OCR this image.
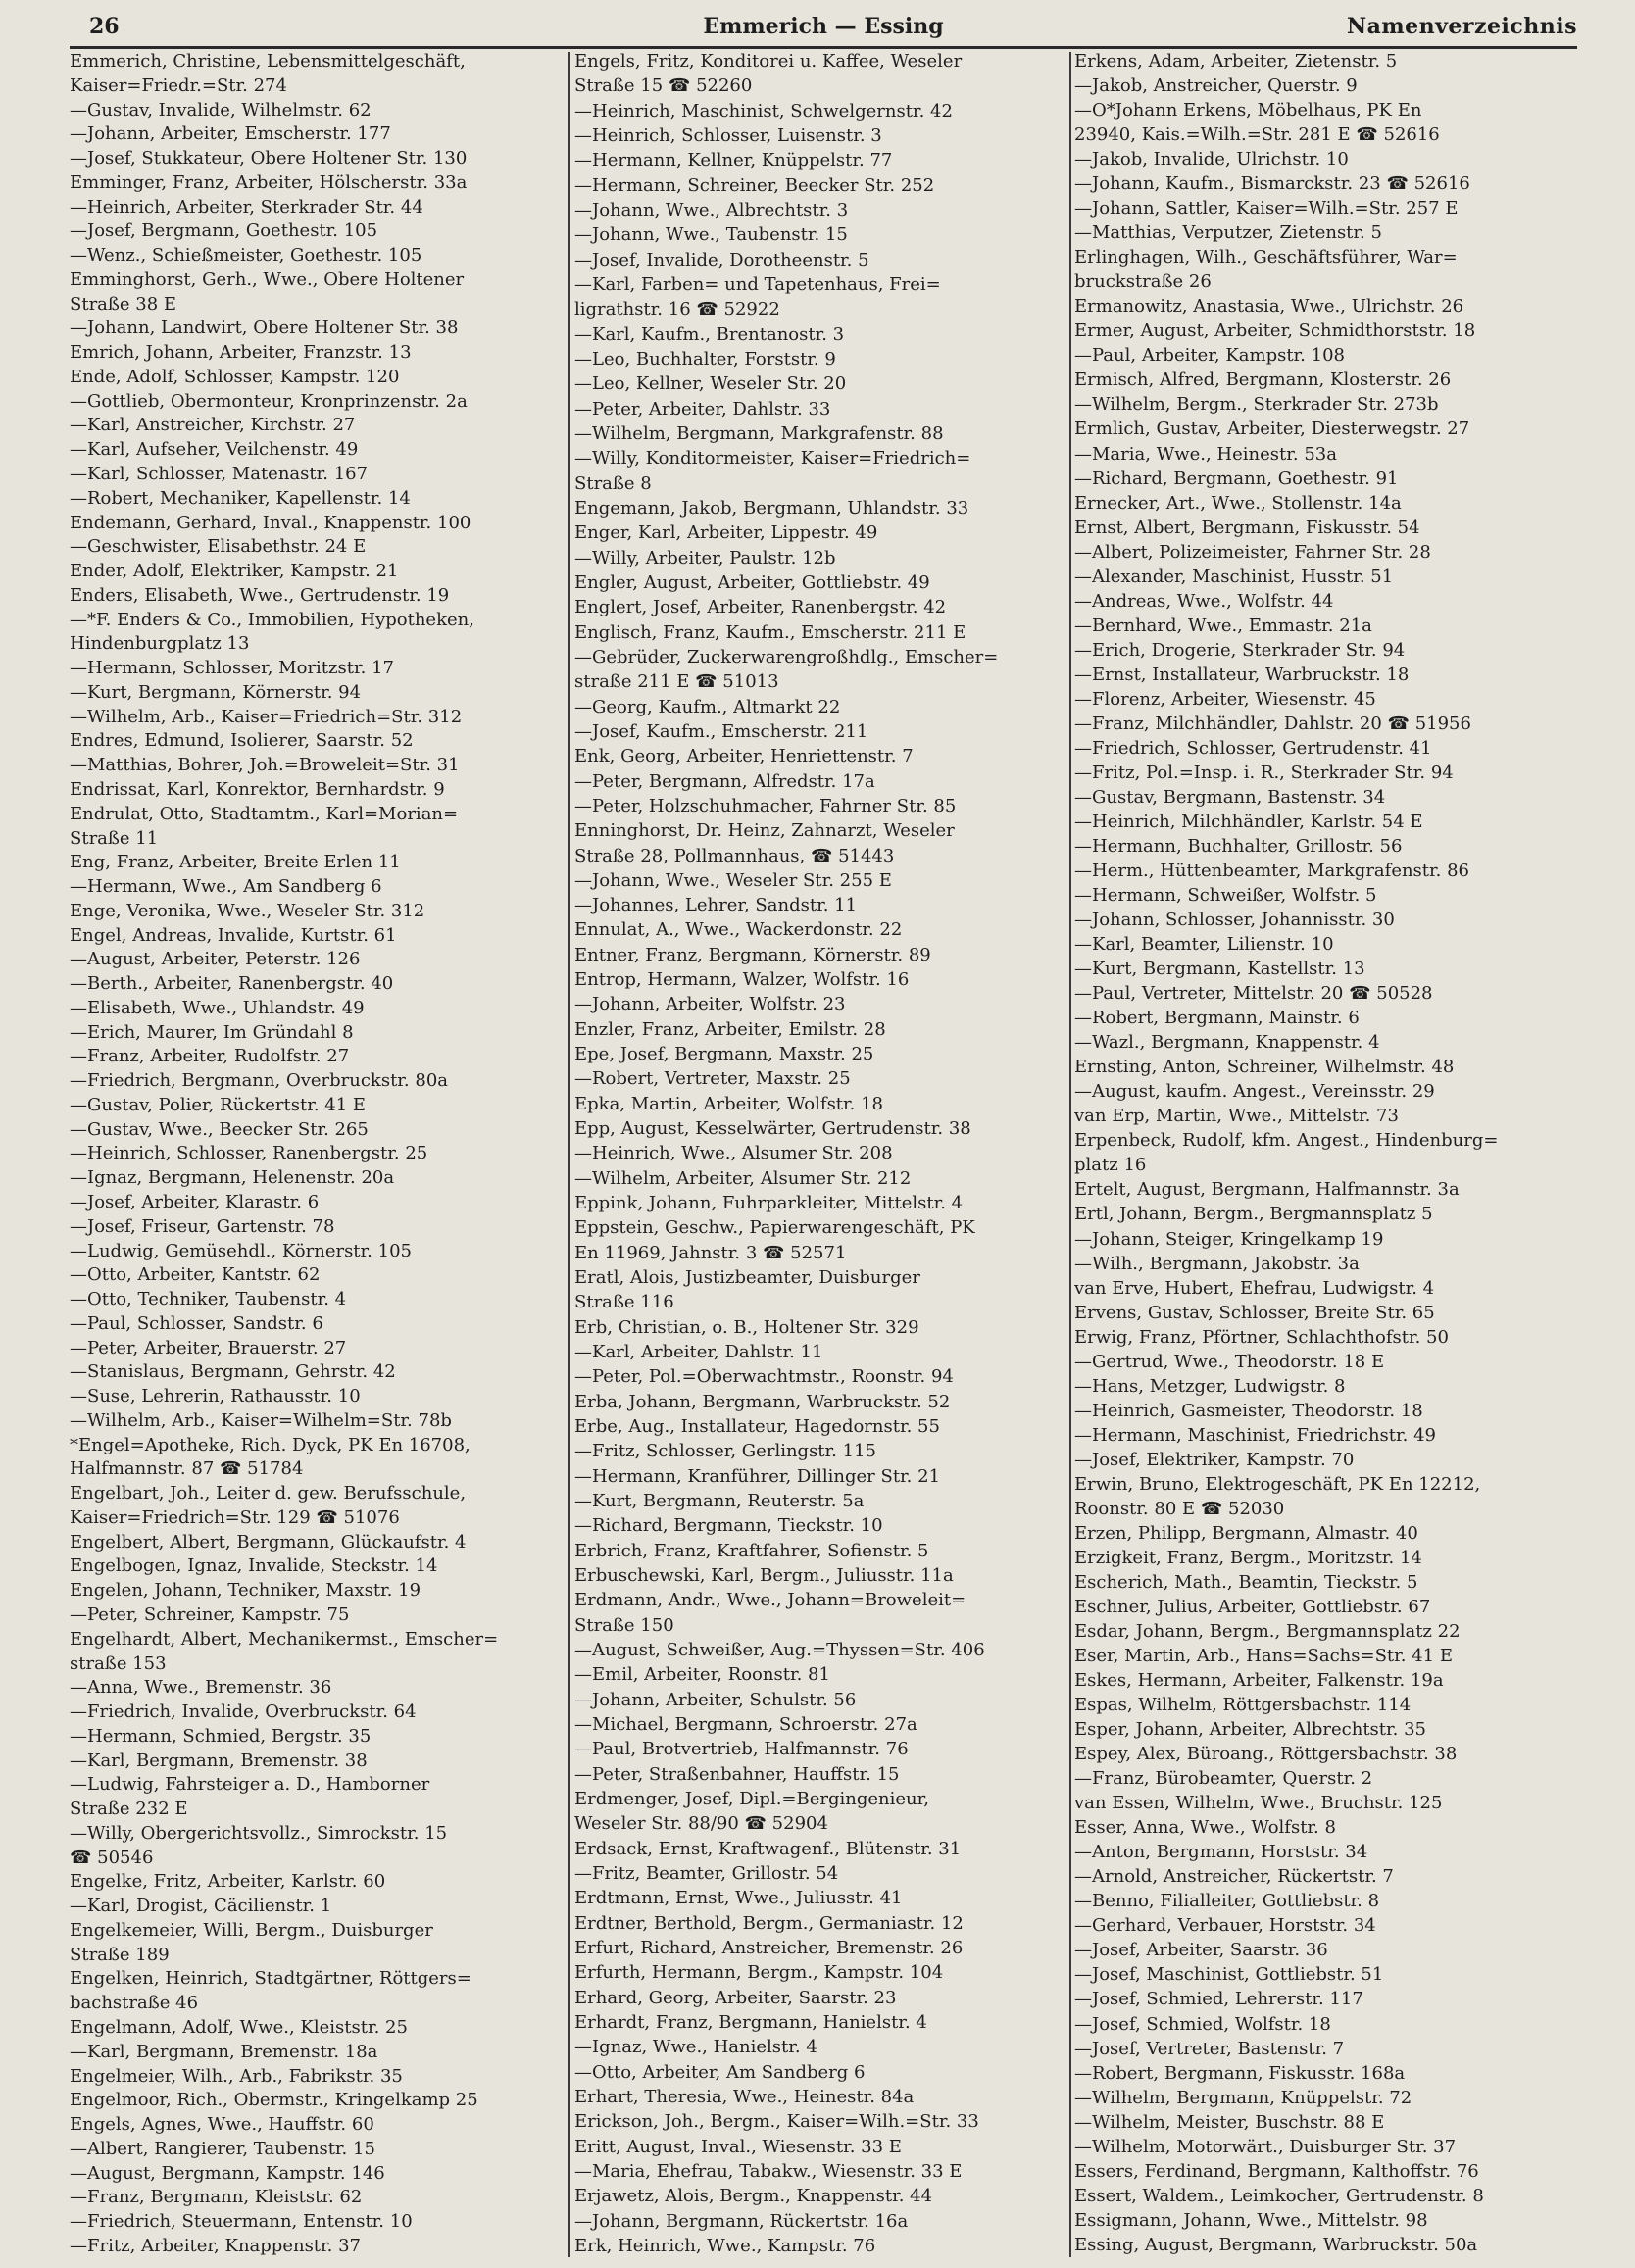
26	Emmerich — Essing	Namenverzeichnis
Emmerich, Christine, Lebensmittelgeschäft,
Kaiser=Friedr.=Str. 274
—Gustav, Invalide, Wilhelmstr. 62
—Johann, Arbeiter, Emscherstr. 177
—Josef, Stukkateur, Obere Holtener Str. 130
Emminger, Franz, Arbeiter, Hölscherstr. 33a
—Heinrich, Arbeiter, Sterkrader Str. 44
—Josef, Bergmann, Goethestr. 105
—Wenz., Schießmeister, Goethestr. 105
Emminghorst, Gerh., Wwe., Obere Holtener
Straße 38 E
—Johann, Landwirt, Obere Holtener Str. 38
Emrich, Johann, Arbeiter, Franzstr. 13
Ende, Adolf, Schlosser, Kampstr. 120
—Gottlieb, Obermonteur, Kronprinzenstr. 2a
—Karl, Anstreicher, Kirchstr. 27
—Karl, Aufseher, Veilchenstr. 49
—Karl, Schlosser, Matenastr. 167
—Robert, Mechaniker, Kapellenstr. 14
Endemann, Gerhard, Inval., Knappenstr. 100
—Geschwister, Elisabethstr. 24 E
Ender, Adolf, Elektriker, Kampstr. 21
Enders, Elisabeth, Wwe., Gertrudenstr. 19
—*F. Enders & Co., Immobilien, Hypotheken,
Hindenburgplatz 13
—Hermann, Schlosser, Moritzstr. 17
—Kurt, Bergmann, Körnerstr. 94
—Wilhelm, Arb., Kaiser=Friedrich=Str. 312
Endres, Edmund, Isolierer, Saarstr. 52
—Matthias, Bohrer, Joh.=Broweleit=Str. 31
Endrissat, Karl, Konrektor, Bernhardstr. 9
Endrulat, Otto, Stadtamtm., Karl=Morian=
Straße 11
Eng, Franz, Arbeiter, Breite Erlen 11
—Hermann, Wwe., Am Sandberg 6
Enge, Veronika, Wwe., Weseler Str. 312
Engel, Andreas, Invalide, Kurtstr. 61
—August, Arbeiter, Peterstr. 126
—Berth., Arbeiter, Ranenbergstr. 40
—Elisabeth, Wwe., Uhlandstr. 49
—Erich, Maurer, Im Gründahl 8
—Franz, Arbeiter, Rudolfstr. 27
—Friedrich, Bergmann, Overbruckstr. 80a
—Gustav, Polier, Rückertstr. 41 E
—Gustav, Wwe., Beecker Str. 265
—Heinrich, Schlosser, Ranenbergstr. 25
—Ignaz, Bergmann, Helenenstr. 20a
—Josef, Arbeiter, Klarastr. 6
—Josef, Friseur, Gartenstr. 78
—Ludwig, Gemüsehdl., Körnerstr. 105
—Otto, Arbeiter, Kantstr. 62
—Otto, Techniker, Taubenstr. 4
—Paul, Schlosser, Sandstr. 6
—Peter, Arbeiter, Brauerstr. 27
—Stanislaus, Bergmann, Gehrstr. 42
—Suse, Lehrerin, Rathausstr. 10
—Wilhelm, Arb., Kaiser=Wilhelm=Str. 78b
*Engel=Apotheke, Rich. Dyck, PK En 16708,
Halfmannstr. 87 ☎ 51784
Engelbart, Joh., Leiter d. gew. Berufsschule,
Kaiser=Friedrich=Str. 129 ☎ 51076
Engelbert, Albert, Bergmann, Glückaufstr. 4
Engelbogen, Ignaz, Invalide, Steckstr. 14
Engelen, Johann, Techniker, Maxstr. 19
—Peter, Schreiner, Kampstr. 75
Engelhardt, Albert, Mechanikermst., Emscher=
straße 153
—Anna, Wwe., Bremenstr. 36
—Friedrich, Invalide, Overbruckstr. 64
—Hermann, Schmied, Bergstr. 35
—Karl, Bergmann, Bremenstr. 38
—Ludwig, Fahrsteiger a. D., Hamborner
Straße 232 E
—Willy, Obergerichtsvollz., Simrockstr. 15
☎ 50546
Engelke, Fritz, Arbeiter, Karlstr. 60
—Karl, Drogist, Cäcilienstr. 1
Engelkemeier, Willi, Bergm., Duisburger
Straße 189
Engelken, Heinrich, Stadtgärtner, Röttgers=
bachstraße 46
Engelmann, Adolf, Wwe., Kleiststr. 25
—Karl, Bergmann, Bremenstr. 18a
Engelmeier, Wilh., Arb., Fabrikstr. 35
Engelmoor, Rich., Obermstr., Kringelkamp 25
Engels, Agnes, Wwe., Hauffstr. 60
—Albert, Rangierer, Taubenstr. 15
—August, Bergmann, Kampstr. 146
—Franz, Bergmann, Kleiststr. 62
—Friedrich, Steuermann, Entenstr. 10
—Fritz, Arbeiter, Knappenstr. 37
Engels, Fritz, Konditorei u. Kaffee, Weseler
Straße 15 ☎ 52260
—Heinrich, Maschinist, Schwelgernstr. 42
—Heinrich, Schlosser, Luisenstr. 3
—Hermann, Kellner, Knüppelstr. 77
—Hermann, Schreiner, Beecker Str. 252
—Johann, Wwe., Albrechtstr. 3
—Johann, Wwe., Taubenstr. 15
—Josef, Invalide, Dorotheenstr. 5
—Karl, Farben= und Tapetenhaus, Frei=
ligrathstr. 16 ☎ 52922
—Karl, Kaufm., Brentanostr. 3
—Leo, Buchhalter, Forststr. 9
—Leo, Kellner, Weseler Str. 20
—Peter, Arbeiter, Dahlstr. 33
—Wilhelm, Bergmann, Markgrafenstr. 88
—Willy, Konditormeister, Kaiser=Friedrich=
Straße 8
Engemann, Jakob, Bergmann, Uhlandstr. 33
Enger, Karl, Arbeiter, Lippestr. 49
—Willy, Arbeiter, Paulstr. 12b
Engler, August, Arbeiter, Gottliebstr. 49
Englert, Josef, Arbeiter, Ranenbergstr. 42
Englisch, Franz, Kaufm., Emscherstr. 211 E
—Gebrüder, Zuckerwarengroßhdlg., Emscher=
straße 211 E ☎ 51013
—Georg, Kaufm., Altmarkt 22
—Josef, Kaufm., Emscherstr. 211
Enk, Georg, Arbeiter, Henriettenstr. 7
—Peter, Bergmann, Alfredstr. 17a
—Peter, Holzschuhmacher, Fahrner Str. 85
Enninghorst, Dr. Heinz, Zahnarzt, Weseler
Straße 28, Pollmannhaus, ☎ 51443
—Johann, Wwe., Weseler Str. 255 E
—Johannes, Lehrer, Sandstr. 11
Ennulat, A., Wwe., Wackerdonstr. 22
Entner, Franz, Bergmann, Körnerstr. 89
Entrop, Hermann, Walzer, Wolfstr. 16
—Johann, Arbeiter, Wolfstr. 23
Enzler, Franz, Arbeiter, Emilstr. 28
Epe, Josef, Bergmann, Maxstr. 25
—Robert, Vertreter, Maxstr. 25
Epka, Martin, Arbeiter, Wolfstr. 18
Epp, August, Kesselwärter, Gertrudenstr. 38
—Heinrich, Wwe., Alsumer Str. 208
—Wilhelm, Arbeiter, Alsumer Str. 212
Eppink, Johann, Fuhrparkleiter, Mittelstr. 4
Eppstein, Geschw., Papierwarengeschäft, PK
En 11969, Jahnstr. 3 ☎ 52571
Eratl, Alois, Justizbeamter, Duisburger
Straße 116
Erb, Christian, o. B., Holtener Str. 329
—Karl, Arbeiter, Dahlstr. 11
—Peter, Pol.=Oberwachtmstr., Roonstr. 94
Erba, Johann, Bergmann, Warbruckstr. 52
Erbe, Aug., Installateur, Hagedornstr. 55
—Fritz, Schlosser, Gerlingstr. 115
—Hermann, Kranführer, Dillinger Str. 21
—Kurt, Bergmann, Reuterstr. 5a
—Richard, Bergmann, Tieckstr. 10
Erbrich, Franz, Kraftfahrer, Sofienstr. 5
Erbuschewski, Karl, Bergm., Juliusstr. 11a
Erdmann, Andr., Wwe., Johann=Broweleit=
Straße 150
—August, Schweißer, Aug.=Thyssen=Str. 406
—Emil, Arbeiter, Roonstr. 81
—Johann, Arbeiter, Schulstr. 56
—Michael, Bergmann, Schroerstr. 27a
—Paul, Brotvertrieb, Halfmannstr. 76
—Peter, Straßenbahner, Hauffstr. 15
Erdmenger, Josef, Dipl.=Bergingenieur,
Weseler Str. 88/90 ☎ 52904
Erdsack, Ernst, Kraftwagenf., Blütenstr. 31
—Fritz, Beamter, Grillostr. 54
Erdtmann, Ernst, Wwe., Juliusstr. 41
Erdtner, Berthold, Bergm., Germaniastr. 12
Erfurt, Richard, Anstreicher, Bremenstr. 26
Erfurth, Hermann, Bergm., Kampstr. 104
Erhard, Georg, Arbeiter, Saarstr. 23
Erhardt, Franz, Bergmann, Hanielstr. 4
—Ignaz, Wwe., Hanielstr. 4
—Otto, Arbeiter, Am Sandberg 6
Erhart, Theresia, Wwe., Heinestr. 84a
Erickson, Joh., Bergm., Kaiser=Wilh.=Str. 33
Eritt, August, Inval., Wiesenstr. 33 E
—Maria, Ehefrau, Tabakw., Wiesenstr. 33 E
Erjawetz, Alois, Bergm., Knappenstr. 44
—Johann, Bergmann, Rückertstr. 16a
Erk, Heinrich, Wwe., Kampstr. 76
Erkens, Adam, Arbeiter, Zietenstr. 5
—Jakob, Anstreicher, Querstr. 9
—O*Johann Erkens, Möbelhaus, PK En
23940, Kais.=Wilh.=Str. 281 E ☎ 52616
—Jakob, Invalide, Ulrichstr. 10
—Johann, Kaufm., Bismarckstr. 23 ☎ 52616
—Johann, Sattler, Kaiser=Wilh.=Str. 257 E
—Matthias, Verputzer, Zietenstr. 5
Erlinghagen, Wilh., Geschäftsführer, War=
bruckstraße 26
Ermanowitz, Anastasia, Wwe., Ulrichstr. 26
Ermer, August, Arbeiter, Schmidthorststr. 18
—Paul, Arbeiter, Kampstr. 108
Ermisch, Alfred, Bergmann, Klosterstr. 26
—Wilhelm, Bergm., Sterkrader Str. 273b
Ermlich, Gustav, Arbeiter, Diesterwegstr. 27
—Maria, Wwe., Heinestr. 53a
—Richard, Bergmann, Goethestr. 91
Ernecker, Art., Wwe., Stollenstr. 14a
Ernst, Albert, Bergmann, Fiskusstr. 54
—Albert, Polizeimeister, Fahrner Str. 28
—Alexander, Maschinist, Husstr. 51
—Andreas, Wwe., Wolfstr. 44
—Bernhard, Wwe., Emmastr. 21a
—Erich, Drogerie, Sterkrader Str. 94
—Ernst, Installateur, Warbruckstr. 18
—Florenz, Arbeiter, Wiesenstr. 45
—Franz, Milchhändler, Dahlstr. 20 ☎ 51956
—Friedrich, Schlosser, Gertrudenstr. 41
—Fritz, Pol.=Insp. i. R., Sterkrader Str. 94
—Gustav, Bergmann, Bastenstr. 34
—Heinrich, Milchhändler, Karlstr. 54 E
—Hermann, Buchhalter, Grillostr. 56
—Herm., Hüttenbeamter, Markgrafenstr. 86
—Hermann, Schweißer, Wolfstr. 5
—Johann, Schlosser, Johannisstr. 30
—Karl, Beamter, Lilienstr. 10
—Kurt, Bergmann, Kastellstr. 13
—Paul, Vertreter, Mittelstr. 20 ☎ 50528
—Robert, Bergmann, Mainstr. 6
—Wazl., Bergmann, Knappenstr. 4
Ernsting, Anton, Schreiner, Wilhelmstr. 48
—August, kaufm. Angest., Vereinsstr. 29
van Erp, Martin, Wwe., Mittelstr. 73
Erpenbeck, Rudolf, kfm. Angest., Hindenburg=
platz 16
Ertelt, August, Bergmann, Halfmannstr. 3a
Ertl, Johann, Bergm., Bergmannsplatz 5
—Johann, Steiger, Kringelkamp 19
—Wilh., Bergmann, Jakobstr. 3a
van Erve, Hubert, Ehefrau, Ludwigstr. 4
Ervens, Gustav, Schlosser, Breite Str. 65
Erwig, Franz, Pförtner, Schlachthofstr. 50
—Gertrud, Wwe., Theodorstr. 18 E
—Hans, Metzger, Ludwigstr. 8
—Heinrich, Gasmeister, Theodorstr. 18
—Hermann, Maschinist, Friedrichstr. 49
—Josef, Elektriker, Kampstr. 70
Erwin, Bruno, Elektrogeschäft, PK En 12212,
Roonstr. 80 E ☎ 52030
Erzen, Philipp, Bergmann, Almastr. 40
Erzigkeit, Franz, Bergm., Moritzstr. 14
Escherich, Math., Beamtin, Tieckstr. 5
Eschner, Julius, Arbeiter, Gottliebstr. 67
Esdar, Johann, Bergm., Bergmannsplatz 22
Eser, Martin, Arb., Hans=Sachs=Str. 41 E
Eskes, Hermann, Arbeiter, Falkenstr. 19a
Espas, Wilhelm, Röttgersbachstr. 114
Esper, Johann, Arbeiter, Albrechtstr. 35
Espey, Alex, Büroang., Röttgersbachstr. 38
—Franz, Bürobeamter, Querstr. 2
van Essen, Wilhelm, Wwe., Bruchstr. 125
Esser, Anna, Wwe., Wolfstr. 8
—Anton, Bergmann, Horststr. 34
—Arnold, Anstreicher, Rückertstr. 7
—Benno, Filialleiter, Gottliebstr. 8
—Gerhard, Verbauer, Horststr. 34
—Josef, Arbeiter, Saarstr. 36
—Josef, Maschinist, Gottliebstr. 51
—Josef, Schmied, Lehrerstr. 117
—Josef, Schmied, Wolfstr. 18
—Josef, Vertreter, Bastenstr. 7
—Robert, Bergmann, Fiskusstr. 168a
—Wilhelm, Bergmann, Knüppelstr. 72
—Wilhelm, Meister, Buschstr. 88 E
—Wilhelm, Motorwärt., Duisburger Str. 37
Essers, Ferdinand, Bergmann, Kalthoffstr. 76
Essert, Waldem., Leimkocher, Gertrudenstr. 8
Essigmann, Johann, Wwe., Mittelstr. 98
Essing, August, Bergmann, Warbruckstr. 50a
